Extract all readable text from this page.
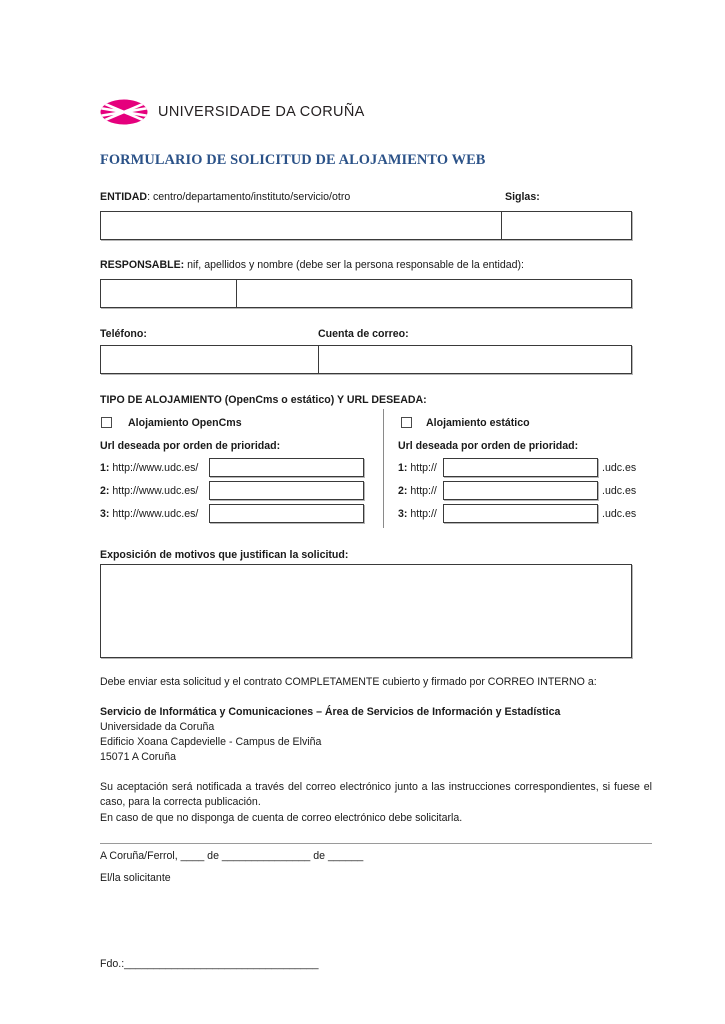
UNIVERSIDADE DA CORUÑA
FORMULARIO DE SOLICITUD DE ALOJAMIENTO WEB
ENTIDAD: centro/departamento/instituto/servicio/otro	Siglas:
RESPONSABLE: nif, apellidos y nombre (debe ser la persona responsable de la entidad):
Teléfono:	Cuenta de correo:
TIPO DE ALOJAMIENTO (OpenCms o estático) Y URL DESEADA:
Alojamiento OpenCms
Url deseada por orden de prioridad:
1: http://www.udc.es/
2: http://www.udc.es/
3: http://www.udc.es/
Alojamiento estático
Url deseada por orden de prioridad:
1: http://	.udc.es
2: http://	.udc.es
3: http://	.udc.es
Exposición de motivos que justifican la solicitud:
Debe enviar esta solicitud y el contrato COMPLETAMENTE cubierto y firmado por CORREO INTERNO a:
Servicio de Informática y Comunicaciones – Área de Servicios de Información y Estadística
Universidade da Coruña
Edificio Xoana Capdevielle - Campus de Elviña
15071 A Coruña
Su aceptación será notificada a través del correo electrónico junto a las instrucciones correspondientes, si fuese el caso, para la correcta publicación.
En caso de que no disponga de cuenta de correo electrónico debe solicitarla.
A Coruña/Ferrol, ____ de _______________ de ______
El/la solicitante
Fdo.:_________________________________
